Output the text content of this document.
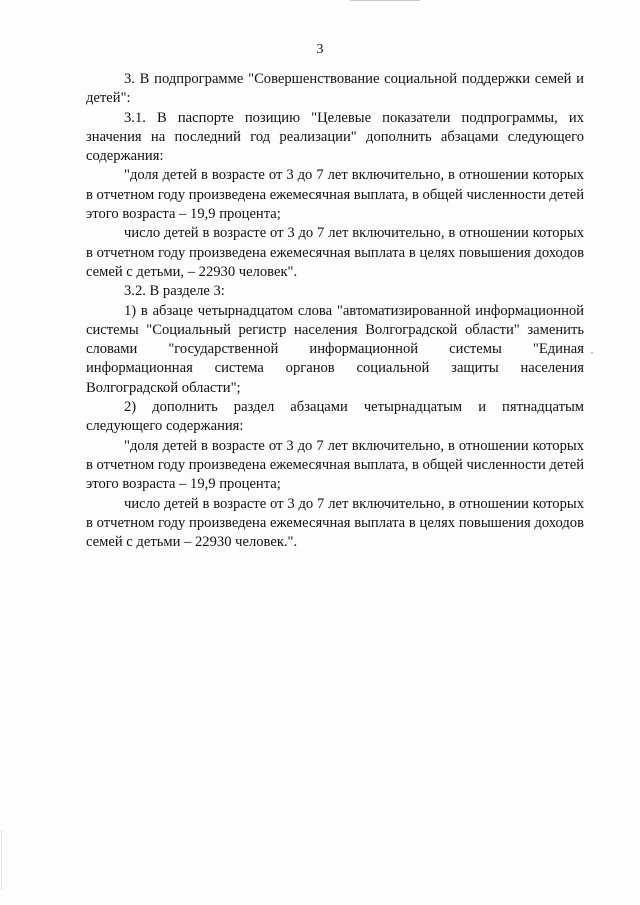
3

3. В подпрограмме "Совершенствование социальной поддержки семей и детей":

3.1. В паспорте позицию "Целевые показатели подпрограммы, их значения на последний год реализации" дополнить абзацами следующего содержания:

"доля детей в возрасте от 3 до 7 лет включительно, в отношении которых в отчетном году произведена ежемесячная выплата, в общей численности детей этого возраста – 19,9 процента;

число детей в возрасте от 3 до 7 лет включительно, в отношении которых в отчетном году произведена ежемесячная выплата в целях повышения доходов семей с детьми, – 22930 человек".

3.2. В разделе 3:

1) в абзаце четырнадцатом слова "автоматизированной информационной системы "Социальный регистр населения Волгоградской области" заменить словами "государственной информационной системы "Единая информационная система органов социальной защиты населения Волгоградской области";

2) дополнить раздел абзацами четырнадцатым и пятнадцатым следующего содержания:

"доля детей в возрасте от 3 до 7 лет включительно, в отношении которых в отчетном году произведена ежемесячная выплата, в общей численности детей этого возраста – 19,9 процента;

число детей в возрасте от 3 до 7 лет включительно, в отношении которых в отчетном году произведена ежемесячная выплата в целях повышения доходов семей с детьми – 22930 человек.".
